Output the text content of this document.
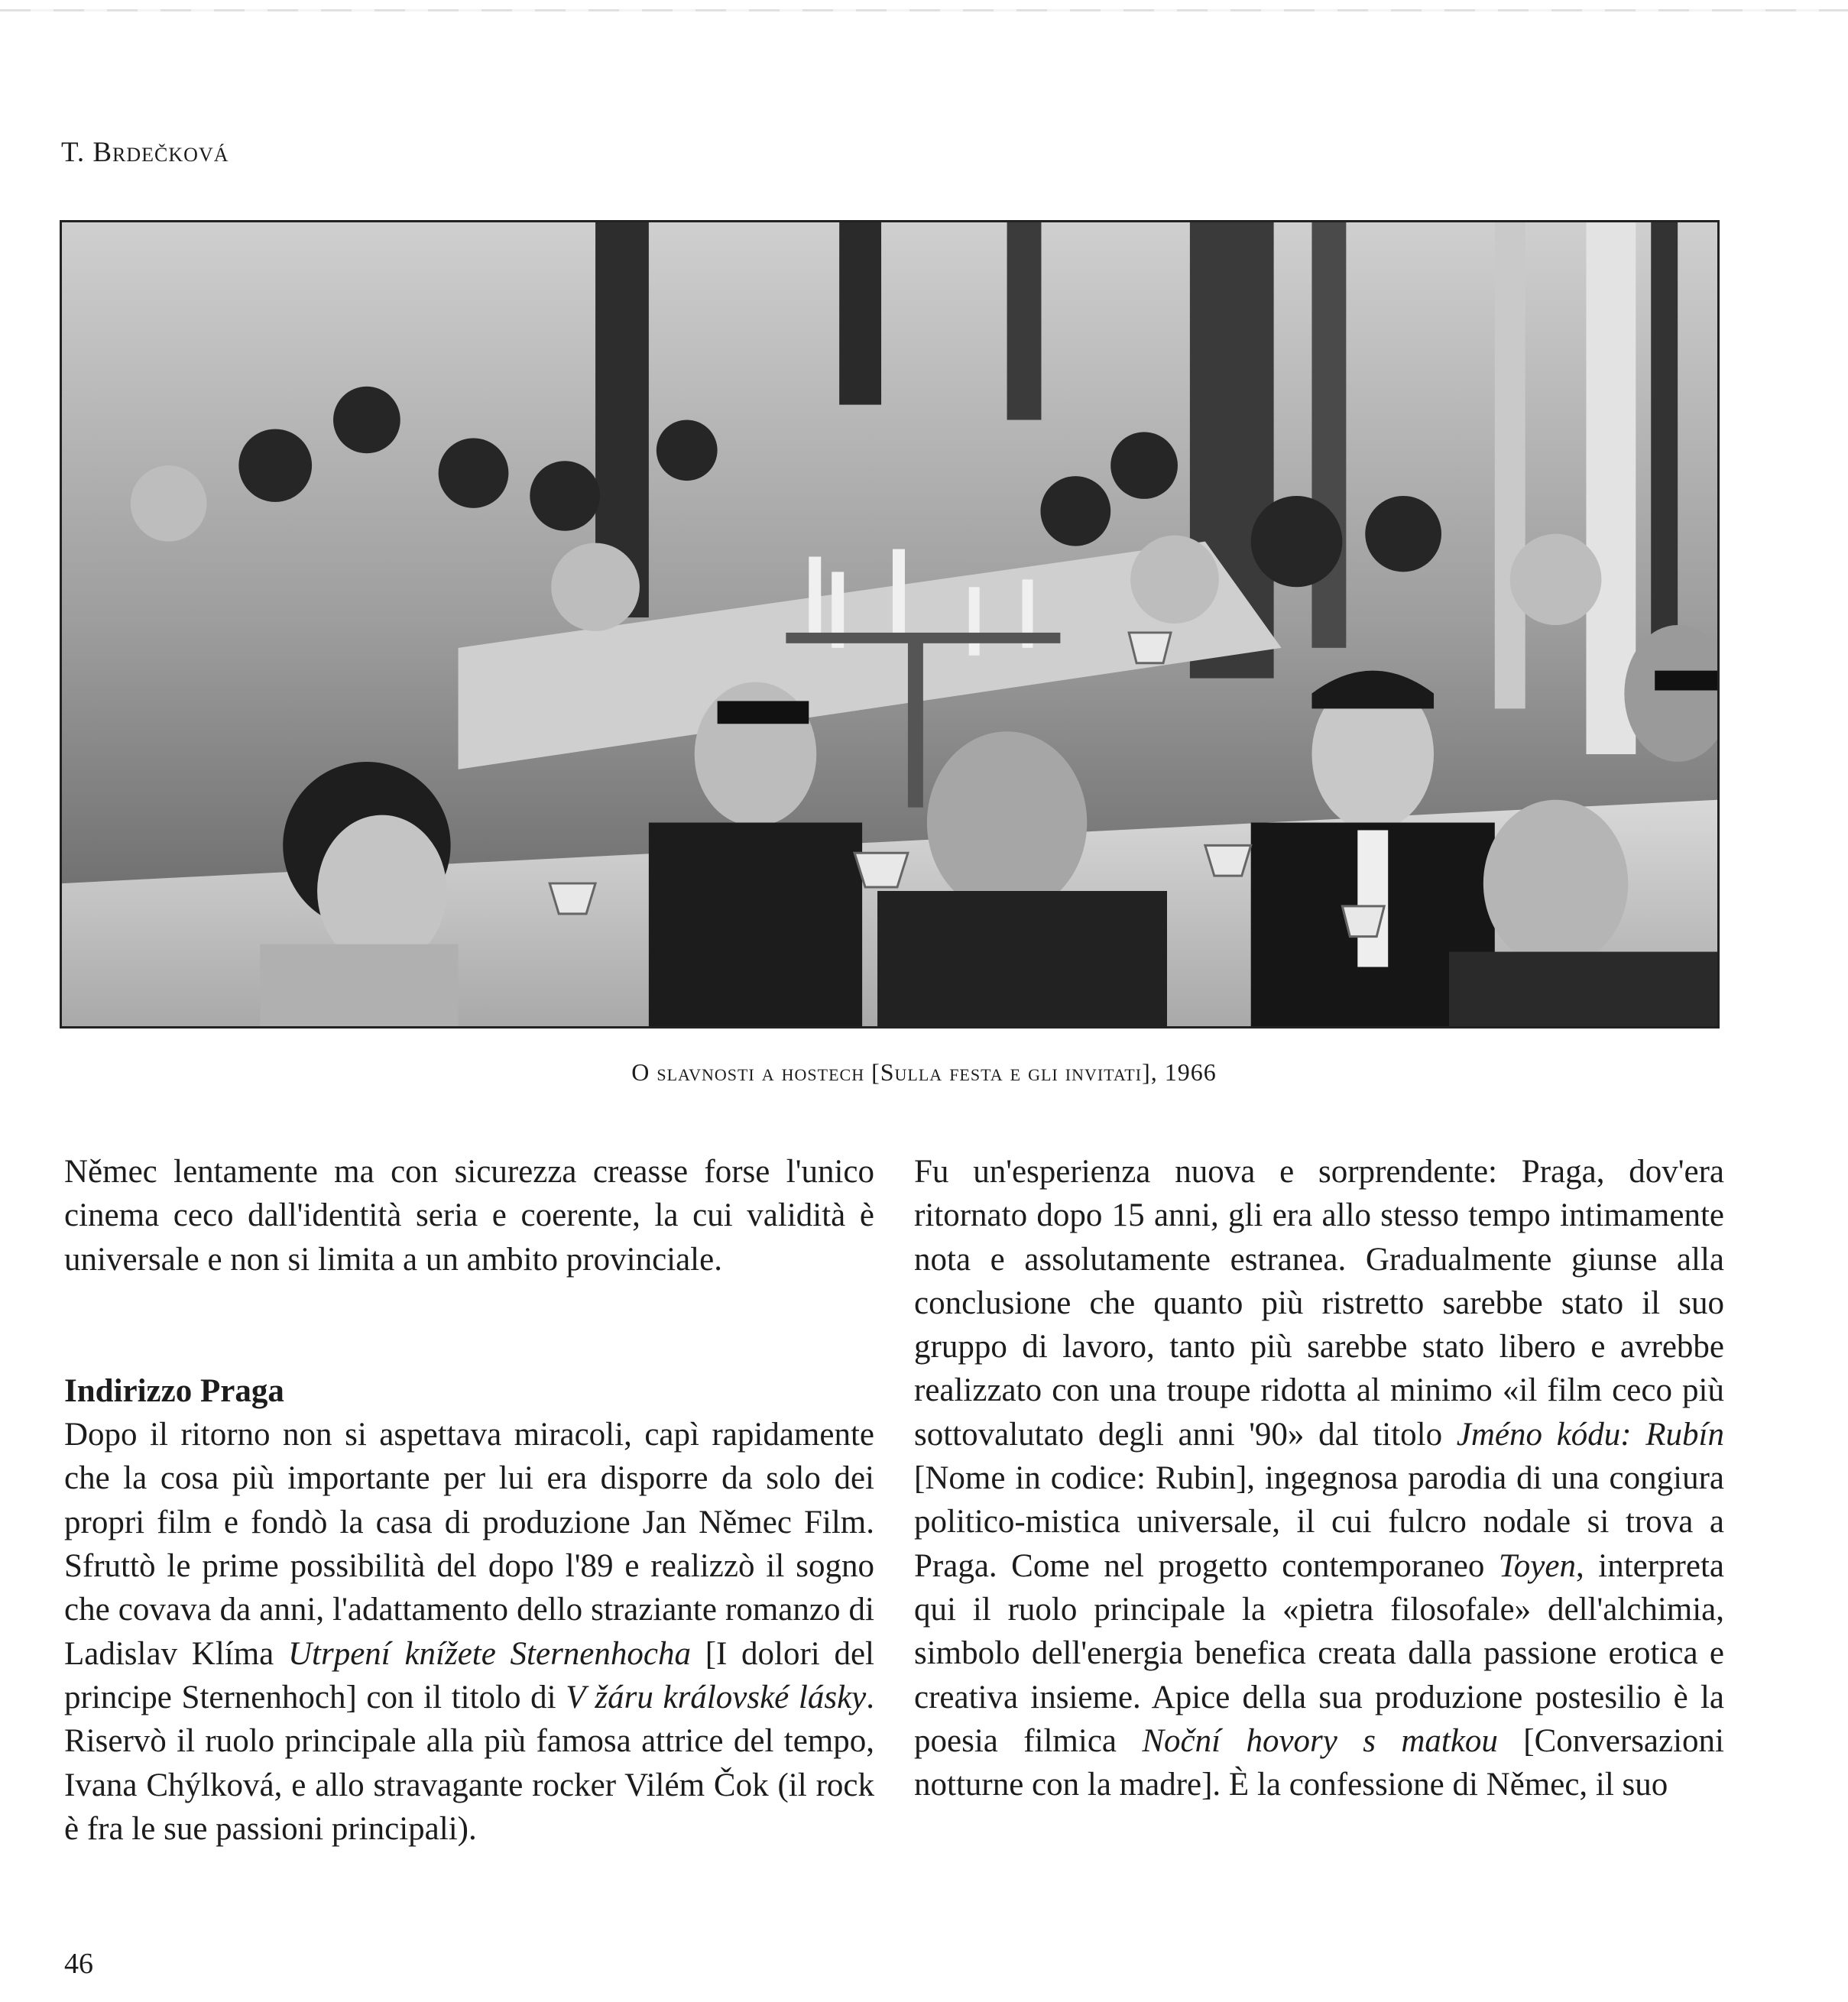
T. Brdečková
O slavnosti a hostech [Sulla festa e gli invitati], 1966

Němec lentamente ma con sicurezza creasse forse l'unico cinema ceco dall'identità seria e coerente, la cui validità è universale e non si limita a un ambito provinciale.

Indirizzo Praga

Dopo il ritorno non si aspettava miracoli, capì rapidamente che la cosa più importante per lui era disporre da solo dei propri film e fondò la casa di produzione Jan Němec Film. Sfruttò le prime possibilità del dopo l'89 e realizzò il sogno che covava da anni, l'adattamento dello straziante romanzo di Ladislav Klíma Utrpení knížete Sternenhocha [I dolori del principe Sternenhoch] con il titolo di V žáru královské lásky. Riservò il ruolo principale alla più famosa attrice del tempo, Ivana Chýlková, e allo stravagante rocker Vilém Čok (il rock è fra le sue passioni principali).

Fu un'esperienza nuova e sorprendente: Praga, dov'era ritornato dopo 15 anni, gli era allo stesso tempo intimamente nota e assolutamente estranea. Gradualmente giunse alla conclusione che quanto più ristretto sarebbe stato il suo gruppo di lavoro, tanto più sarebbe stato libero e avrebbe realizzato con una troupe ridotta al minimo «il film ceco più sottovalutato degli anni '90» dal titolo Jméno kódu: Rubín [Nome in codice: Rubin], ingegnosa parodia di una congiura politico-mistica universale, il cui fulcro nodale si trova a Praga. Come nel progetto contemporaneo Toyen, interpreta qui il ruolo principale la «pietra filosofale» dell'alchimia, simbolo dell'energia benefica creata dalla passione erotica e creativa insieme. Apice della sua produzione postesilio è la poesia filmica Noční hovory s matkou [Conversazioni notturne con la madre]. È la confessione di Němec, il suo

46
